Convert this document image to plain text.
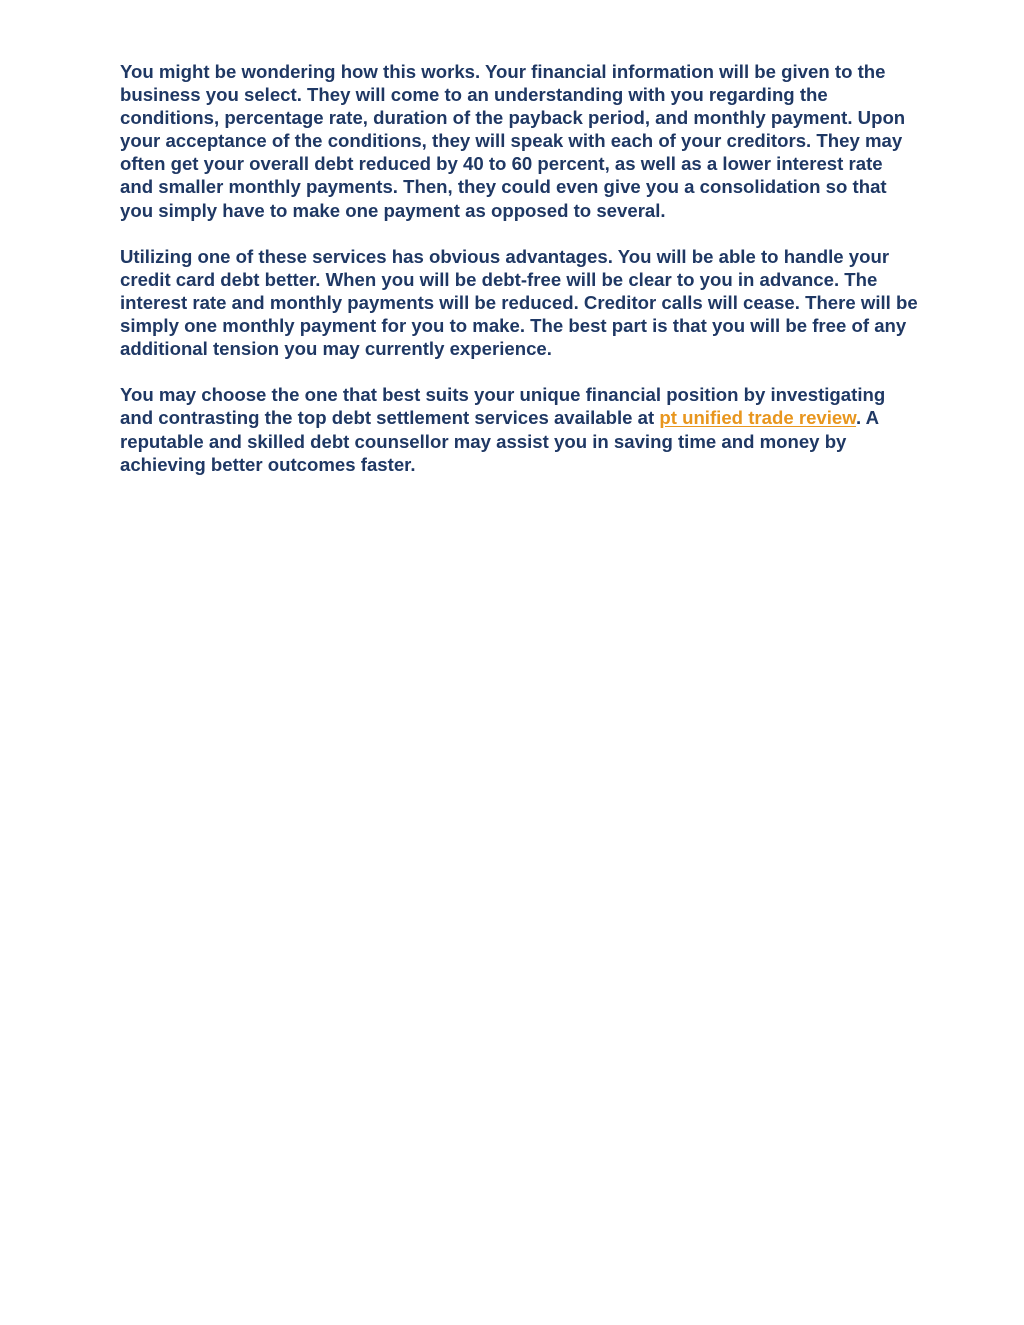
You might be wondering how this works. Your financial information will be given to the business you select. They will come to an understanding with you regarding the conditions, percentage rate, duration of the payback period, and monthly payment. Upon your acceptance of the conditions, they will speak with each of your creditors. They may often get your overall debt reduced by 40 to 60 percent, as well as a lower interest rate and smaller monthly payments. Then, they could even give you a consolidation so that you simply have to make one payment as opposed to several.

Utilizing one of these services has obvious advantages. You will be able to handle your credit card debt better. When you will be debt-free will be clear to you in advance. The interest rate and monthly payments will be reduced. Creditor calls will cease. There will be simply one monthly payment for you to make. The best part is that you will be free of any additional tension you may currently experience.

You may choose the one that best suits your unique financial position by investigating and contrasting the top debt settlement services available at pt unified trade review. A reputable and skilled debt counsellor may assist you in saving time and money by achieving better outcomes faster.
